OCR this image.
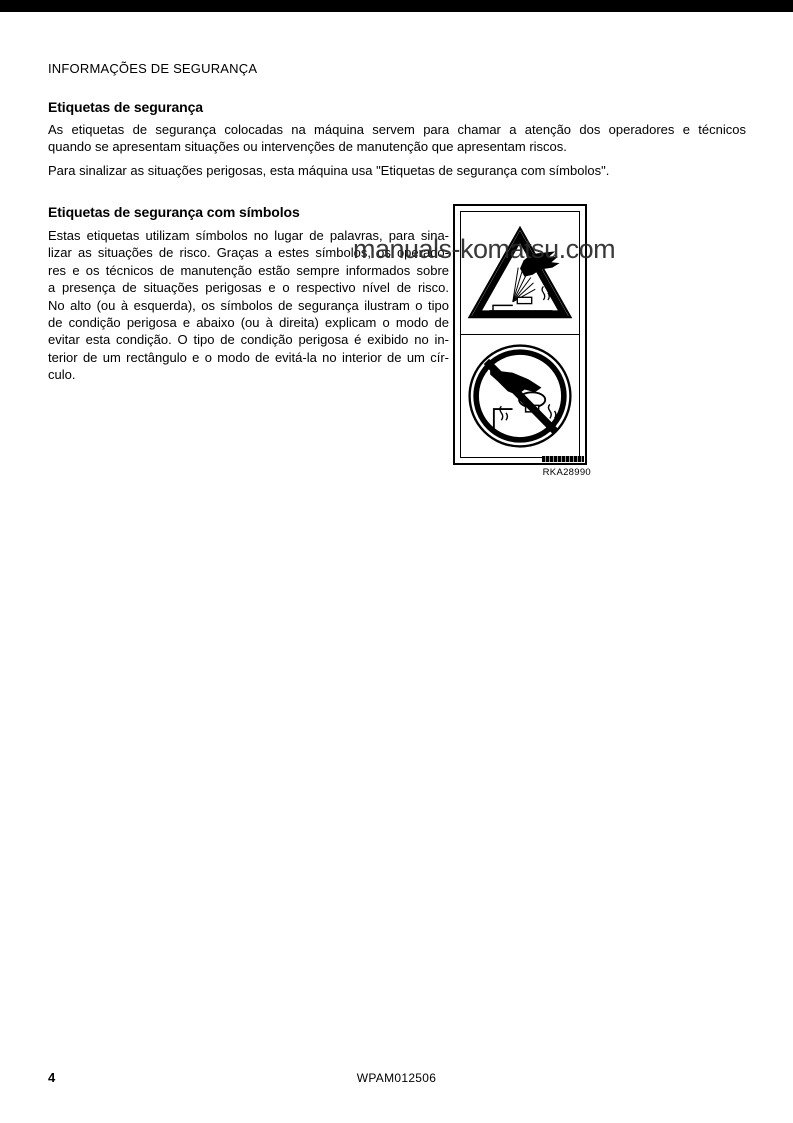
INFORMAÇÕES DE SEGURANÇA
Etiquetas de segurança
As etiquetas de segurança colocadas na máquina servem para chamar a atenção dos operadores e técnicos
quando se apresentam situações ou intervenções de manutenção que apresentam riscos.
Para sinalizar as situações perigosas, esta máquina usa "Etiquetas de segurança com símbolos".
Etiquetas de segurança com símbolos
Estas etiquetas utilizam símbolos no lugar de palavras, para sina-
lizar as situações de risco. Graças a estes símbolos, os operado-
res e os técnicos de manutenção estão sempre informados sobre
a presença de situações perigosas e o respectivo nível de risco.
No alto (ou à esquerda), os símbolos de segurança ilustram o tipo
de condição perigosa e abaixo (ou à direita) explicam o modo de
evitar esta condição. O tipo de condição perigosa é exibido no in-
terior de um rectângulo e o modo de evitá-la no interior de um cír-
culo.
RKA28990
manuals-komatsu.com
4	WPAM012506
